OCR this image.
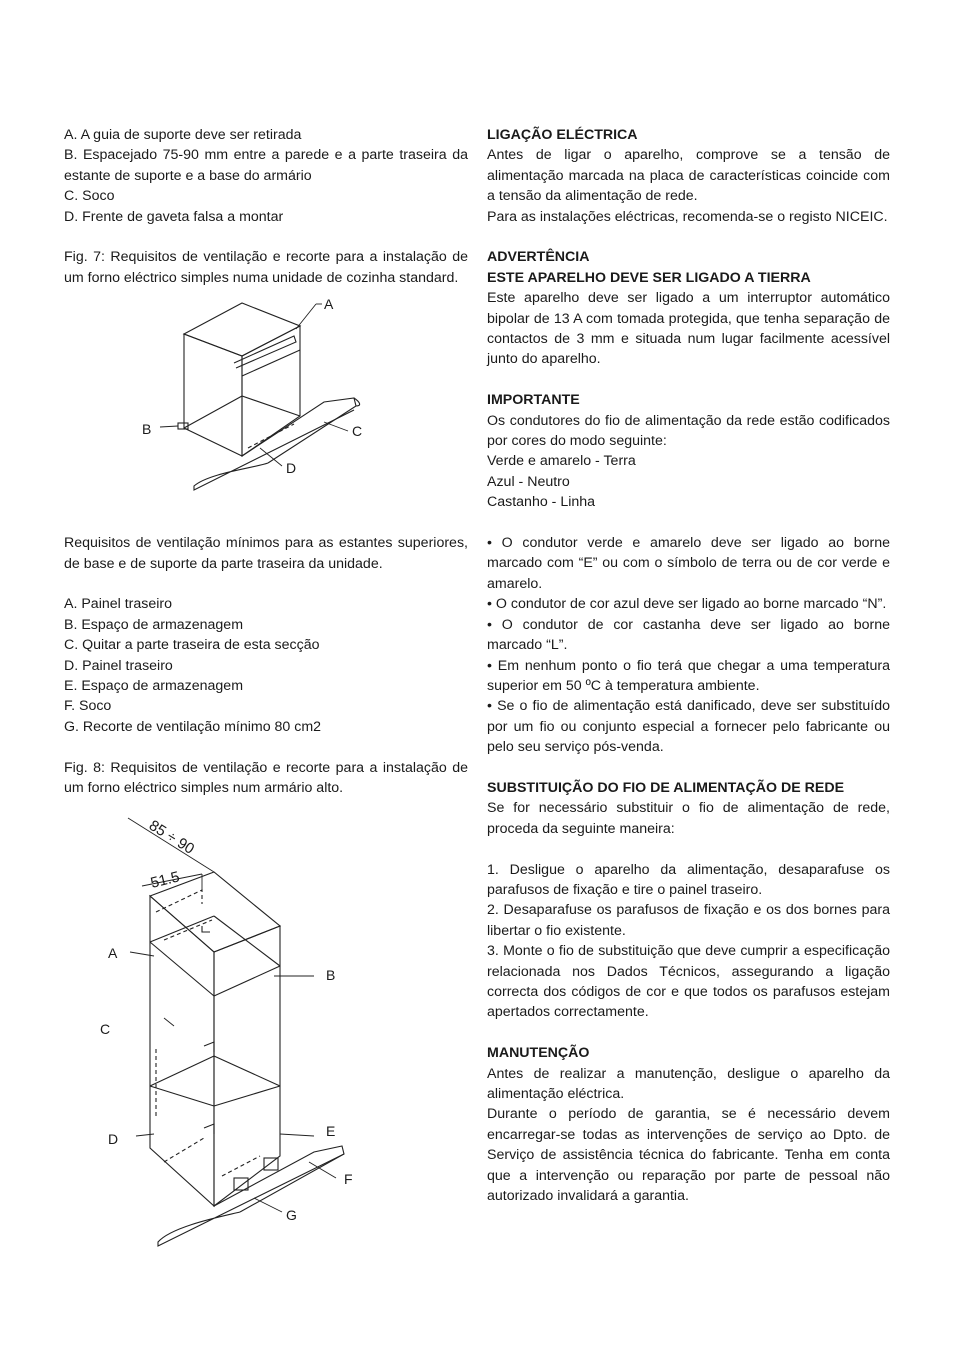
A. A guia de suporte deve ser retirada

B. Espacejado 75-90 mm entre a parede e a parte traseira da estante de suporte e a base do armário

C. Soco

D. Frente de gaveta falsa a montar

Fig. 7: Requisitos de ventilação e recorte para a instalação de um forno eléctrico simples numa unidade de cozinha standard.

A
B	C
D

Requisitos de ventilação mínimos para as estantes superiores, de base e de suporte da parte traseira da unidade.

A. Painel traseiro

B. Espaço de armazenagem

C. Quitar a parte traseira de esta secção

D. Painel traseiro

E. Espaço de armazenagem

F. Soco

G. Recorte de ventilação mínimo 80 cm2

Fig. 8: Requisitos de ventilação e recorte para a instalação de um forno eléctrico simples num armário alto.

85 ÷ 90
51.5
A
B
C
D	E
F
G

LIGAÇÃO ELÉCTRICA

Antes de ligar o aparelho, comprove se a tensão de alimentação marcada na placa de características coincide com a tensão da alimentação de rede.

Para as instalações eléctricas, recomenda-se o registo NICEIC.

ADVERTÊNCIA

ESTE APARELHO DEVE SER LIGADO A TIERRA

Este aparelho deve ser ligado a um interruptor automático bipolar de 13 A com tomada protegida, que tenha separação de contactos de 3 mm e situada num lugar facilmente acessível junto do aparelho.

IMPORTANTE

Os condutores do fio de alimentação da rede estão codificados por cores do modo seguinte:

Verde e amarelo - Terra

Azul - Neutro

Castanho - Linha

• O condutor verde e amarelo deve ser ligado ao borne marcado com “E” ou com o símbolo de terra ou de cor verde e amarelo.

• O condutor de cor azul deve ser ligado ao borne marcado “N”.

• O condutor de cor castanha deve ser ligado ao borne marcado “L”.

• Em nenhum ponto o fio terá que chegar a uma temperatura superior em 50 ºC à temperatura ambiente.

• Se o fio de alimentação está danificado, deve ser substituído por um fio ou conjunto especial a fornecer pelo fabricante ou pelo seu serviço pós-venda.

SUBSTITUIÇÃO DO FIO DE ALIMENTAÇÃO DE REDE

Se for necessário substituir o fio de alimentação de rede, proceda da seguinte maneira:

1. Desligue o aparelho da alimentação, desaparafuse os parafusos de fixação e tire o painel traseiro.

2. Desaparafuse os parafusos de fixação e os dos bornes para libertar o fio existente.

3. Monte o fio de substituição que deve cumprir a especificação relacionada nos Dados Técnicos, assegurando a ligação correcta dos códigos de cor e que todos os parafusos estejam apertados correctamente.

MANUTENÇÃO

Antes de realizar a manutenção, desligue o aparelho da alimentação eléctrica.

Durante o período de garantia, se é necessário devem encarregar-se todas as intervenções de serviço ao Dpto. de Serviço de assistência técnica do fabricante. Tenha em conta que a intervenção ou reparação por parte de pessoal não autorizado invalidará a garantia.
